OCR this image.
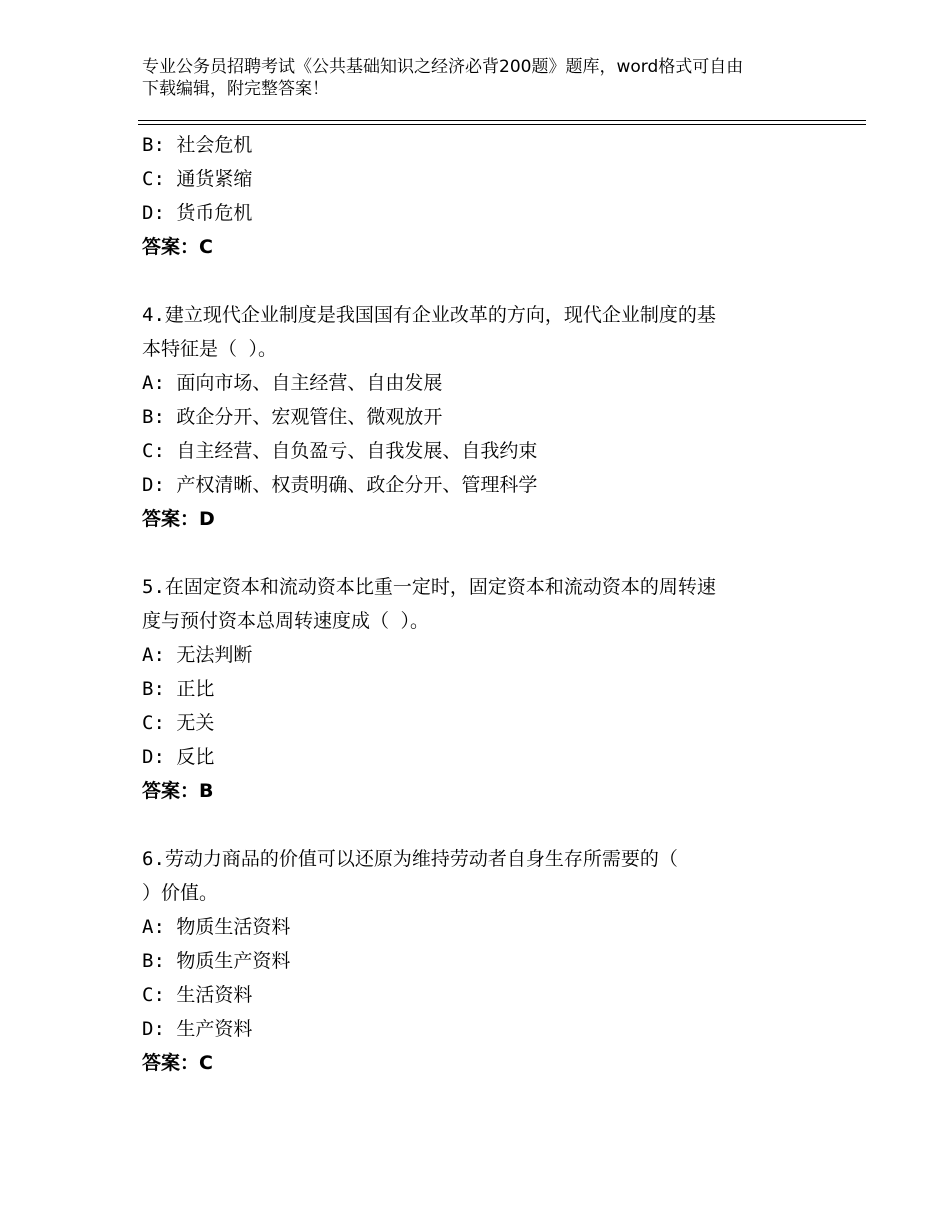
专业公务员招聘考试《公共基础知识之经济必背200题》题库，word格式可自由
下载编辑，附完整答案！
B: 社会危机
C: 通货紧缩
D: 货币危机
答案：C
4.建立现代企业制度是我国国有企业改革的方向，现代企业制度的基
本特征是（ ）。
A: 面向市场、自主经营、自由发展
B: 政企分开、宏观管住、微观放开
C: 自主经营、自负盈亏、自我发展、自我约束
D: 产权清晰、权责明确、政企分开、管理科学
答案：D
5.在固定资本和流动资本比重一定时，固定资本和流动资本的周转速
度与预付资本总周转速度成（ ）。
A: 无法判断
B: 正比
C: 无关
D: 反比
答案：B
6.劳动力商品的价值可以还原为维持劳动者自身生存所需要的（
）价值。
A: 物质生活资料
B: 物质生产资料
C: 生活资料
D: 生产资料
答案：C
